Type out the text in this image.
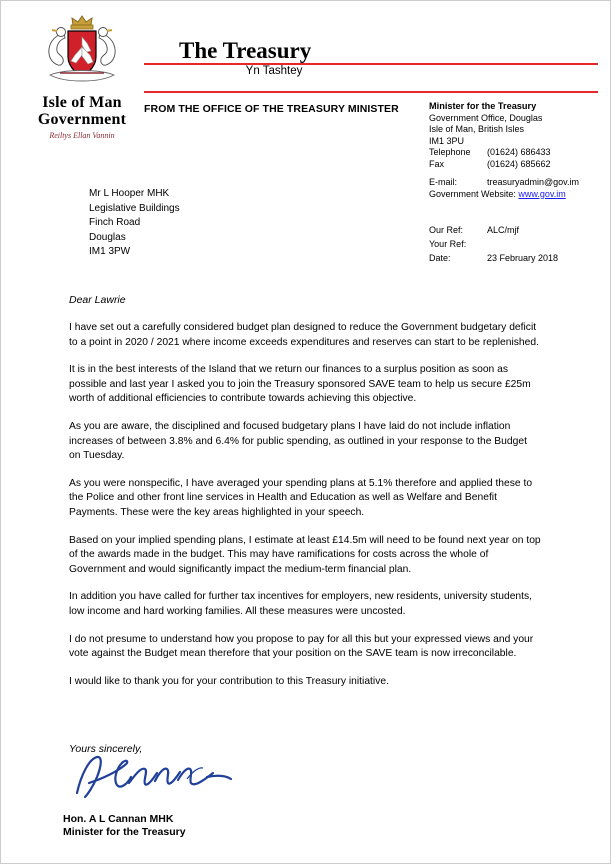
Isle of Man
Government
Reiltys Ellan Vannin
The Treasury
Yn Tashtey
FROM THE OFFICE OF THE TREASURY MINISTER	Minister for the Treasury
Government Office, Douglas
Isle of Man, British Isles
IM1 3PU
Telephone	(01624) 686433
Fax	(01624) 685662
E-mail:	treasuryadmin@gov.im
Government Website: www.gov.im
Our Ref:	ALC/mjf
Your Ref:
Date:	23 February 2018
Mr L Hooper MHK
Legislative Buildings
Finch Road
Douglas
IM1 3PW
Dear Lawrie

I have set out a carefully considered budget plan designed to reduce the Government budgetary deficit to a point in 2020 / 2021 where income exceeds expenditures and reserves can start to be replenished.

It is in the best interests of the Island that we return our finances to a surplus position as soon as possible and last year I asked you to join the Treasury sponsored SAVE team to help us secure £25m worth of additional efficiencies to contribute towards achieving this objective.

As you are aware, the disciplined and focused budgetary plans I have laid do not include inflation increases of between 3.8% and 6.4% for public spending, as outlined in your response to the Budget on Tuesday.

As you were nonspecific, I have averaged your spending plans at 5.1% therefore and applied these to the Police and other front line services in Health and Education as well as Welfare and Benefit Payments. These were the key areas highlighted in your speech.

Based on your implied spending plans, I estimate at least £14.5m will need to be found next year on top of the awards made in the budget. This may have ramifications for costs across the whole of Government and would significantly impact the medium-term financial plan.

In addition you have called for further tax incentives for employers, new residents, university students, low income and hard working families. All these measures were uncosted.

I do not presume to understand how you propose to pay for all this but your expressed views and your vote against the Budget mean therefore that your position on the SAVE team is now irreconcilable.

I would like to thank you for your contribution to this Treasury initiative.

Yours sincerely,
Hon. A L Cannan MHK
Minister for the Treasury
